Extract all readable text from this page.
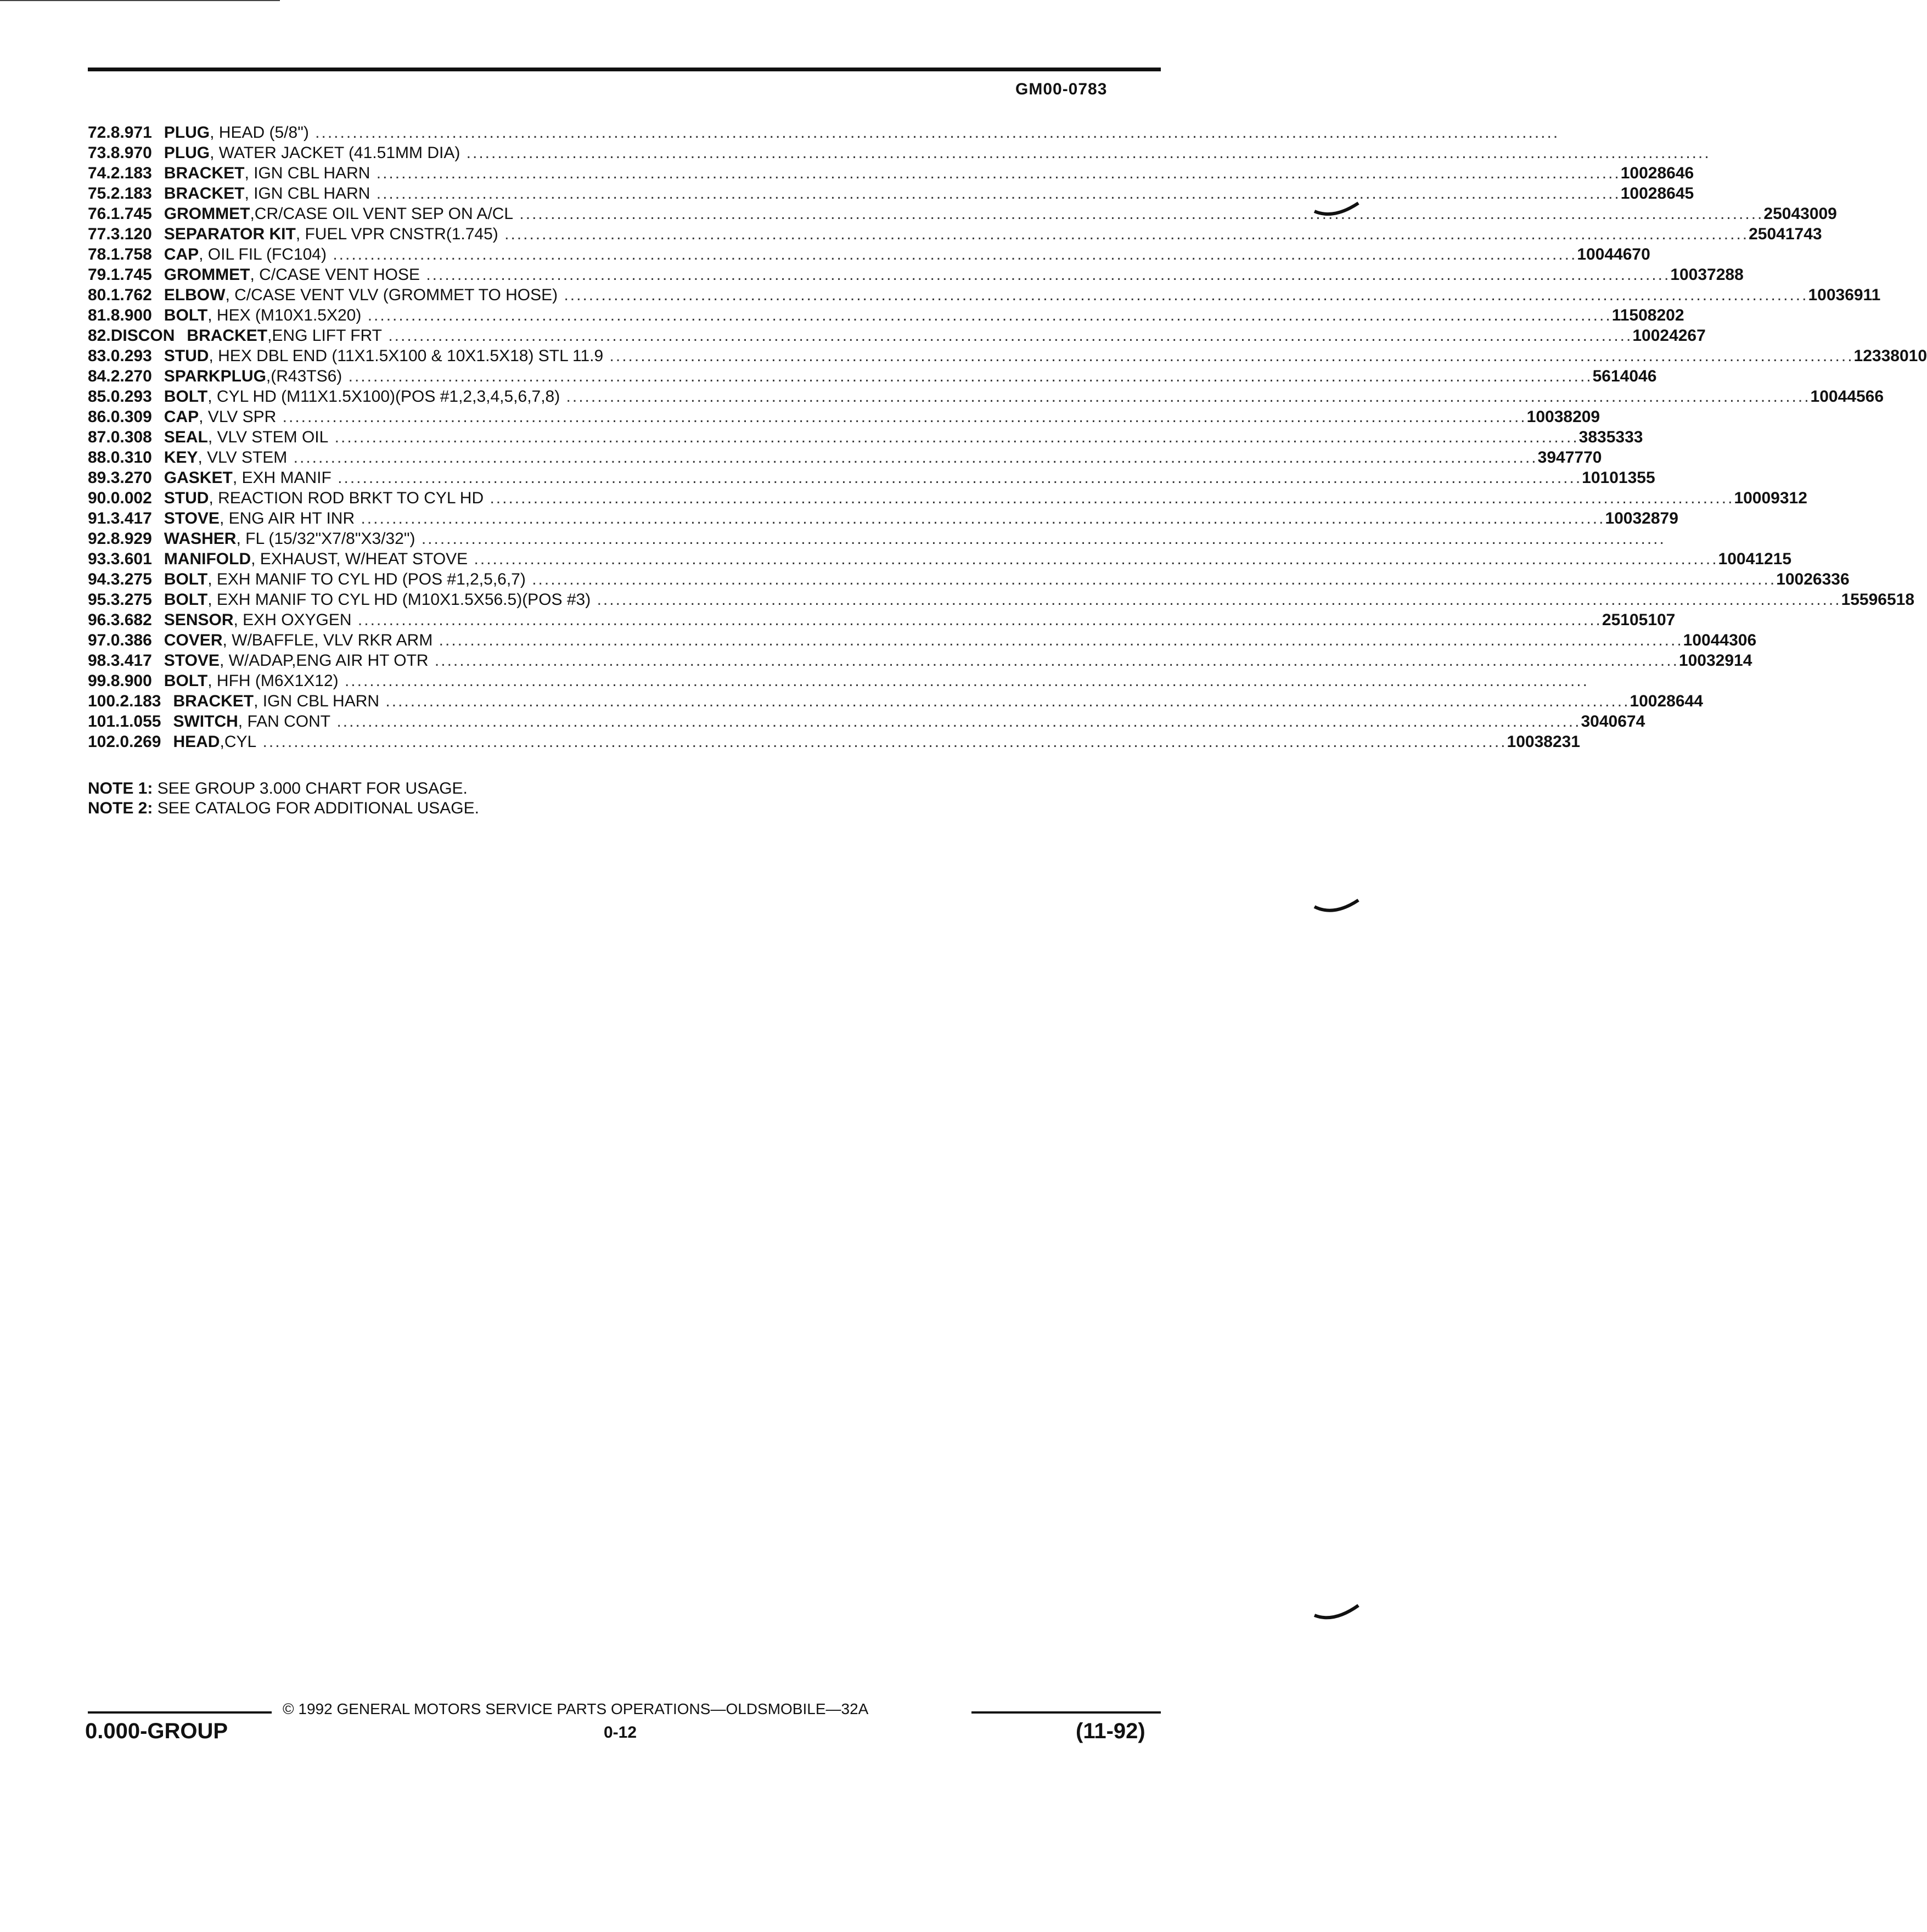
GM00-0783
72. 8.971 PLUG, HEAD (5/8") ........................................................................................................................................................................................................
73. 8.970 PLUG, WATER JACKET (41.51MM DIA) ........................................................................................................................................................................................................
74. 2.183 BRACKET, IGN CBL HARN ........................................................................................................................................................................................................ 10028646
75. 2.183 BRACKET, IGN CBL HARN ........................................................................................................................................................................................................ 10028645
76. 1.745 GROMMET,CR/CASE OIL VENT SEP ON A/CL ........................................................................................................................................................................................................ 25043009
77. 3.120 SEPARATOR KIT, FUEL VPR CNSTR(1.745) ........................................................................................................................................................................................................ 25041743
78. 1.758 CAP, OIL FIL (FC104) ........................................................................................................................................................................................................ 10044670
79. 1.745 GROMMET, C/CASE VENT HOSE ........................................................................................................................................................................................................ 10037288
80. 1.762 ELBOW, C/CASE VENT VLV (GROMMET TO HOSE) ........................................................................................................................................................................................................ 10036911
81. 8.900 BOLT, HEX (M10X1.5X20) ........................................................................................................................................................................................................ 11508202
82. DISCON BRACKET,ENG LIFT FRT ........................................................................................................................................................................................................ 10024267
83. 0.293 STUD, HEX DBL END (11X1.5X100 & 10X1.5X18) STL 11.9 ........................................................................................................................................................................................................ 12338010
84. 2.270 SPARKPLUG,(R43TS6) ........................................................................................................................................................................................................ 5614046
85. 0.293 BOLT, CYL HD (M11X1.5X100)(POS #1,2,3,4,5,6,7,8) ........................................................................................................................................................................................................ 10044566
86. 0.309 CAP, VLV SPR ........................................................................................................................................................................................................ 10038209
87. 0.308 SEAL, VLV STEM OIL ........................................................................................................................................................................................................ 3835333
88. 0.310 KEY, VLV STEM ........................................................................................................................................................................................................ 3947770
89. 3.270 GASKET, EXH MANIF ........................................................................................................................................................................................................ 10101355
90. 0.002 STUD, REACTION ROD BRKT TO CYL HD ........................................................................................................................................................................................................ 10009312
91. 3.417 STOVE, ENG AIR HT INR ........................................................................................................................................................................................................ 10032879
92. 8.929 WASHER, FL (15/32"X7/8"X3/32") ........................................................................................................................................................................................................
93. 3.601 MANIFOLD, EXHAUST, W/HEAT STOVE ........................................................................................................................................................................................................ 10041215
94. 3.275 BOLT, EXH MANIF TO CYL HD (POS #1,2,5,6,7) ........................................................................................................................................................................................................ 10026336
95. 3.275 BOLT, EXH MANIF TO CYL HD (M10X1.5X56.5)(POS #3) ........................................................................................................................................................................................................ 15596518
96. 3.682 SENSOR, EXH OXYGEN ........................................................................................................................................................................................................ 25105107
97. 0.386 COVER, W/BAFFLE, VLV RKR ARM ........................................................................................................................................................................................................ 10044306
98. 3.417 STOVE, W/ADAP,ENG AIR HT OTR ........................................................................................................................................................................................................ 10032914
99. 8.900 BOLT, HFH (M6X1X12) ........................................................................................................................................................................................................
100. 2.183 BRACKET, IGN CBL HARN ........................................................................................................................................................................................................ 10028644
101. 1.055 SWITCH, FAN CONT ........................................................................................................................................................................................................ 3040674
102. 0.269 HEAD,CYL ........................................................................................................................................................................................................ 10038231
NOTE 1: SEE GROUP 3.000 CHART FOR USAGE.
NOTE 2: SEE CATALOG FOR ADDITIONAL USAGE.
© 1992 GENERAL MOTORS SERVICE PARTS OPERATIONS—OLDSMOBILE—32A
0.000-GROUP	0-12	(11-92)
